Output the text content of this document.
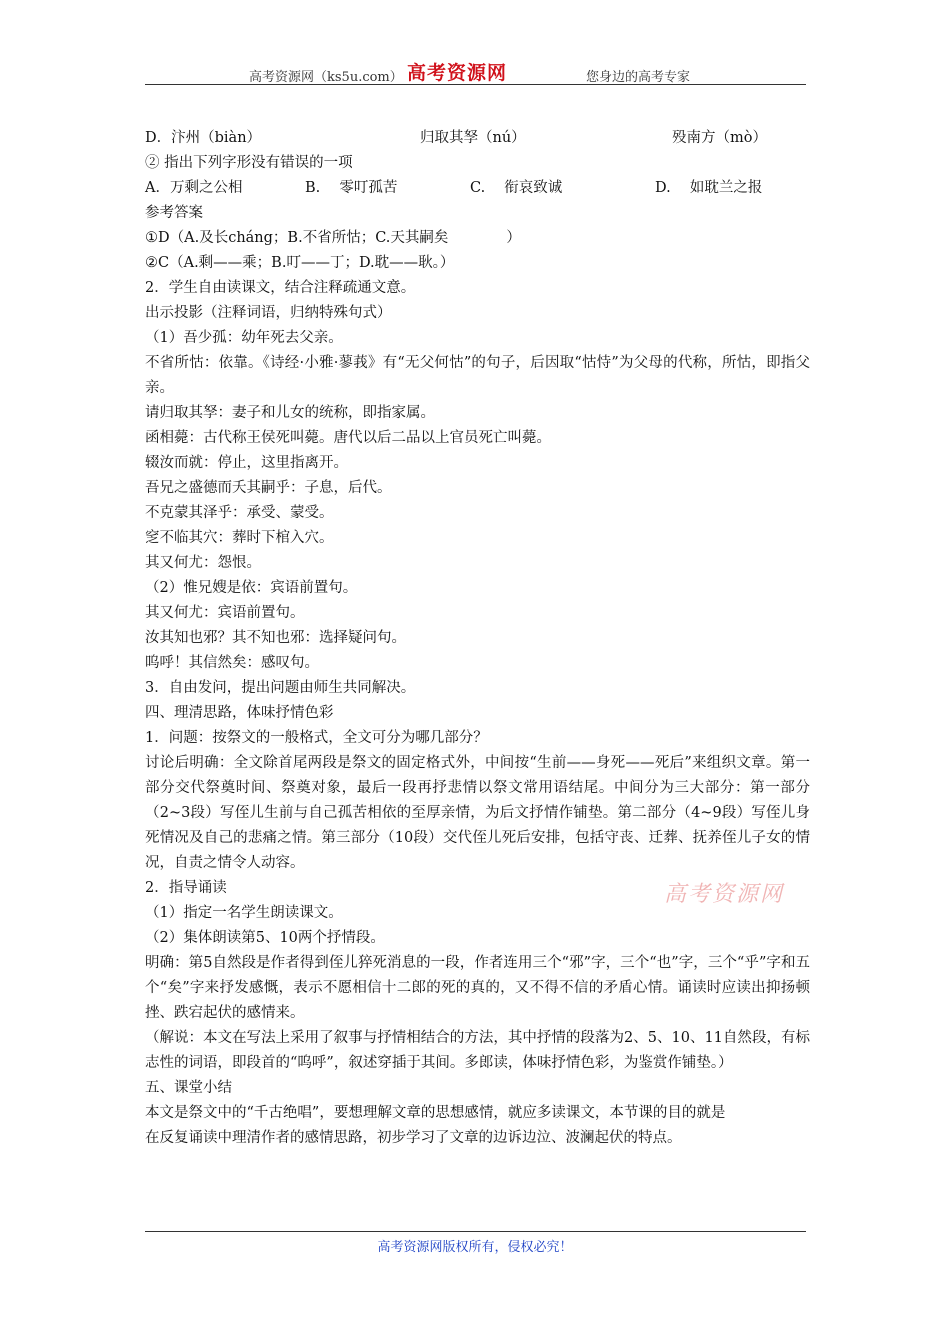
高考资源网（ks5u.com） 高考资源网	您身边的高考专家
D．汴州（biàn）	归取其孥（nú）	殁南方（mò）
② 指出下列字形没有错误的一项
A．万剩之公相	B.　 零叮孤苦	C.　 衔哀致诚	D.　 如耽兰之报
参考答案
①D（A.及长cháng；B.不省所怙；C.天其嗣矣　　　　）
②C（A.剩——乘；B.叮——丁；D.耽——耿。）
2．学生自由读课文，结合注释疏通文意。
出示投影（注释词语，归纳特殊句式）
（1）吾少孤：幼年死去父亲。
不省所怙：依靠。《诗经·小雅·蓼莪》有“无父何怙”的句子，后因取“怙恃”为父母的代称，所怙，即指父亲。
请归取其孥：妻子和儿女的统称，即指家属。
函相薨：古代称王侯死叫薨。唐代以后二品以上官员死亡叫薨。
辍汝而就：停止，这里指离开。
吾兄之盛德而夭其嗣乎：子息，后代。
不克蒙其泽乎：承受、蒙受。
窆不临其穴：葬时下棺入穴。
其又何尤：怨恨。
（2）惟兄嫂是依：宾语前置句。
其又何尤：宾语前置句。
汝其知也邪？其不知也邪：选择疑问句。
呜呼！其信然矣：感叹句。
3．自由发问，提出问题由师生共同解决。
四、理清思路，体味抒情色彩
1．问题：按祭文的一般格式，全文可分为哪几部分？
讨论后明确：全文除首尾两段是祭文的固定格式外，中间按“生前——身死——死后”来组织文章。第一部分交代祭奠时间、祭奠对象，最后一段再抒悲情以祭文常用语结尾。中间分为三大部分：第一部分（2~3段）写侄儿生前与自己孤苦相依的至厚亲情，为后文抒情作铺垫。第二部分（4~9段）写侄儿身死情况及自己的悲痛之情。第三部分（10段）交代侄儿死后安排，包括守丧、迁葬、抚养侄儿子女的情况，自责之情令人动容。
2．指导诵读
（1）指定一名学生朗读课文。
（2）集体朗读第5、10两个抒情段。
明确：第5自然段是作者得到侄儿猝死消息的一段，作者连用三个“邪”字，三个“也”字，三个“乎”字和五个“矣”字来抒发感慨，表示不愿相信十二郎的死的真的，又不得不信的矛盾心情。诵读时应读出抑扬顿挫、跌宕起伏的感情来。
（解说：本文在写法上采用了叙事与抒情相结合的方法，其中抒情的段落为2、5、10、11自然段，有标志性的词语，即段首的“呜呼”，叙述穿插于其间。多郎读，体味抒情色彩，为鉴赏作铺垫。）
五、课堂小结
本文是祭文中的“千古绝唱”，要想理解文章的思想感情，就应多读课文，本节课的目的就是
在反复诵读中理清作者的感情思路，初步学习了文章的边诉边泣、波澜起伏的特点。
高考资源网
高考资源网版权所有，侵权必究！
